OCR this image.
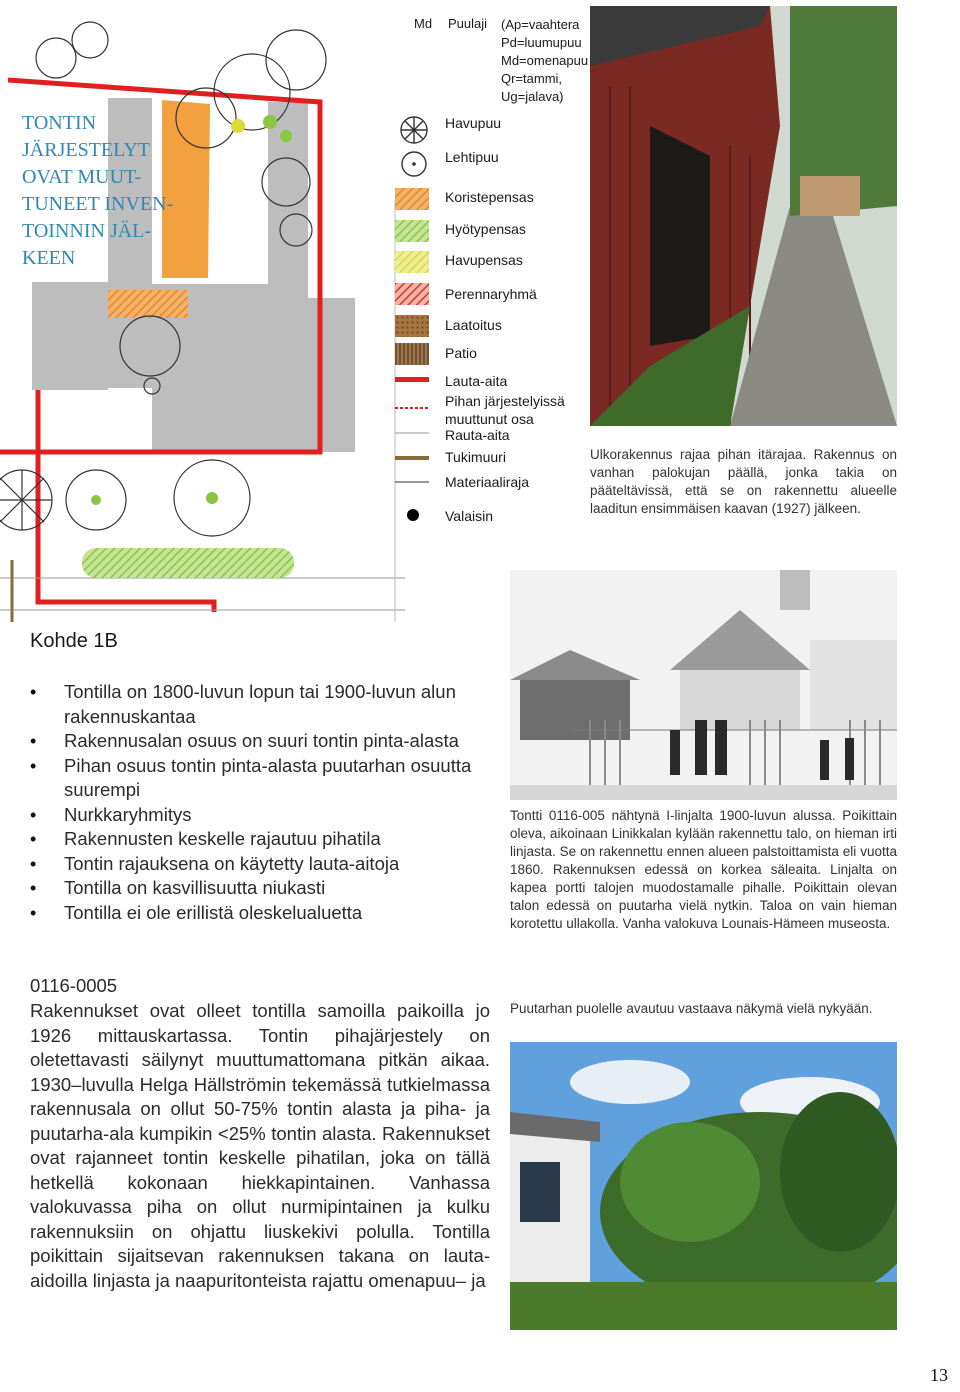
TONTIN
JÄRJESTELYT
OVAT MUUT-
TUNEET INVEN-
TOINNIN JÄL-
KEEN
Md Puulaji (Ap=vaahtera
Pd=luumupuu
Md=omenapuu
Qr=tammi,
Ug=jalava)
Havupuu
Lehtipuu
Koristepensas
Hyötypensas
Havupensas
Perennaryhmä
Laatoitus
Patio
Lauta-aita
Pihan järjestelyissä
muuttunut osa
Rauta-aita
Tukimuuri
Materiaaliraja
Valaisin
Ulkorakennus rajaa pihan itärajaa. Rakennus on vanhan palokujan päällä, jonka takia on pääteltävissä, että se on rakennettu alueelle laaditun ensimmäisen kaavan (1927) jälkeen.
Tontti 0116-005 nähtynä I-linjalta 1900-luvun alussa. Poikittain oleva, aikoinaan Linikkalan kylään rakennettu talo, on hieman irti linjasta. Se on rakennettu ennen alueen palstoittamista eli vuotta 1860. Rakennuksen edessä on korkea säleaita. Linjalta on kapea portti talojen muodostamalle pihalle. Poikittain olevan talon edessä on puutarha vielä nytkin. Taloa on vain hieman korotettu ullakolla. Vanha valokuva Lounais-Hämeen museosta.
Puutarhan puolelle avautuu vastaava näkymä vielä nykyään.
Kohde 1B
• Tontilla on 1800-luvun lopun tai 1900-luvun alun rakennuskantaa
• Rakennusalan osuus on suuri tontin pinta-alasta
• Pihan osuus tontin pinta-alasta puutarhan osuutta suurempi
• Nurkkaryhmitys
• Rakennusten keskelle rajautuu pihatila
• Tontin rajauksena on käytetty lauta-aitoja
• Tontilla on kasvillisuutta niukasti
• Tontilla ei ole erillistä oleskelualuetta
0116-0005
Rakennukset ovat olleet tontilla samoilla paikoilla jo 1926 mittauskartassa. Tontin pihajärjestely on oletettavasti säilynyt muuttumattomana pitkän aikaa. 1930–luvulla Helga Hällströmin tekemässä tutkielmassa rakennusala on ollut 50-75% tontin alasta ja piha- ja puutarha-ala kumpikin <25% tontin alasta. Rakennukset ovat rajanneet tontin keskelle pihatilan, joka on tällä hetkellä kokonaan hiekkapintainen. Vanhassa valokuvassa piha on ollut nurmipintainen ja kulku rakennuksiin on ohjattu liuskekivi polulla. Tontilla poikittain sijaitsevan rakennuksen takana on lauta-aidoilla linjasta ja naapuritonteista rajattu omenapuu– ja
13
